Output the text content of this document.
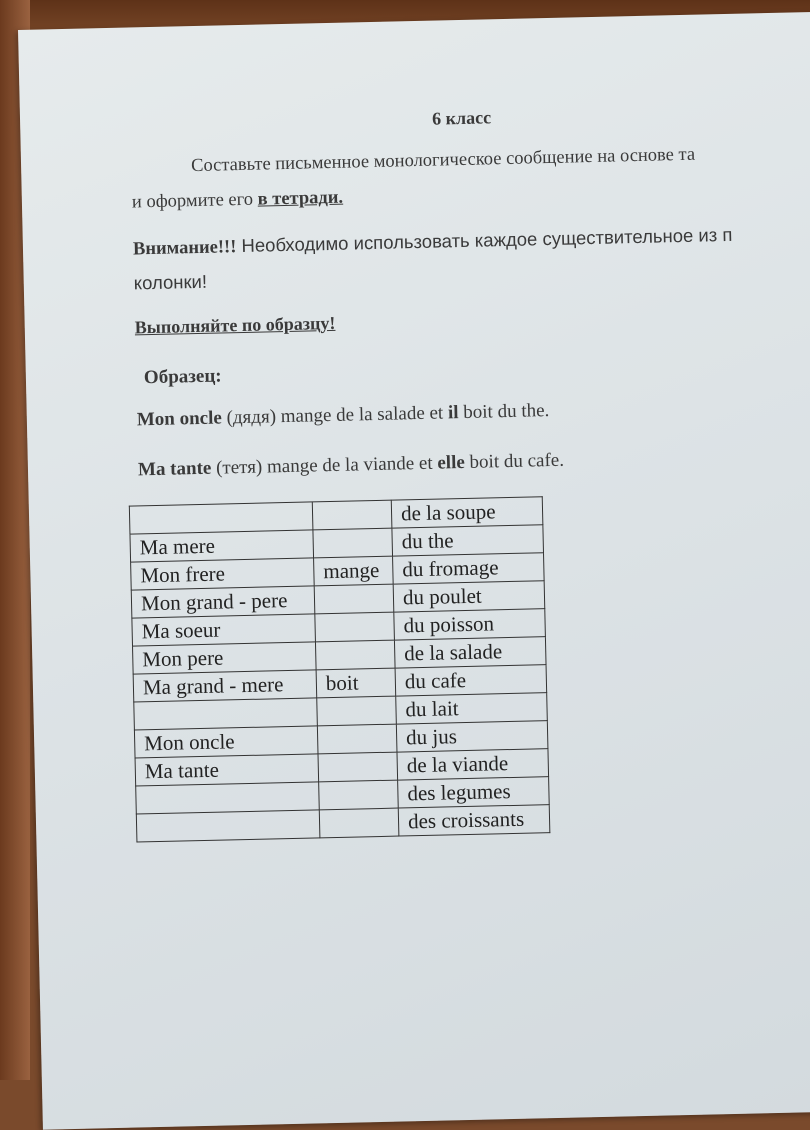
6 класс
Составьте письменное монологическое сообщение на основе та
и оформите его в тетради.
Внимание!!! Необходимо использовать каждое существительное из п
колонки!
Выполняйте по образцу!
Образец:
Mon oncle (дядя) mange de la salade et il boit du the.
Ma tante (тетя) mange de la viande et elle boit du cafe.
		de la soupe
Ma mere		du the
Mon frere	mange	du fromage
Mon grand - pere		du poulet
Ma soeur		du poisson
Mon pere		de la salade
Ma grand - mere	boit	du cafe
		du lait
Mon oncle		du jus
Ma tante		de la viande
		des legumes
		des croissants
